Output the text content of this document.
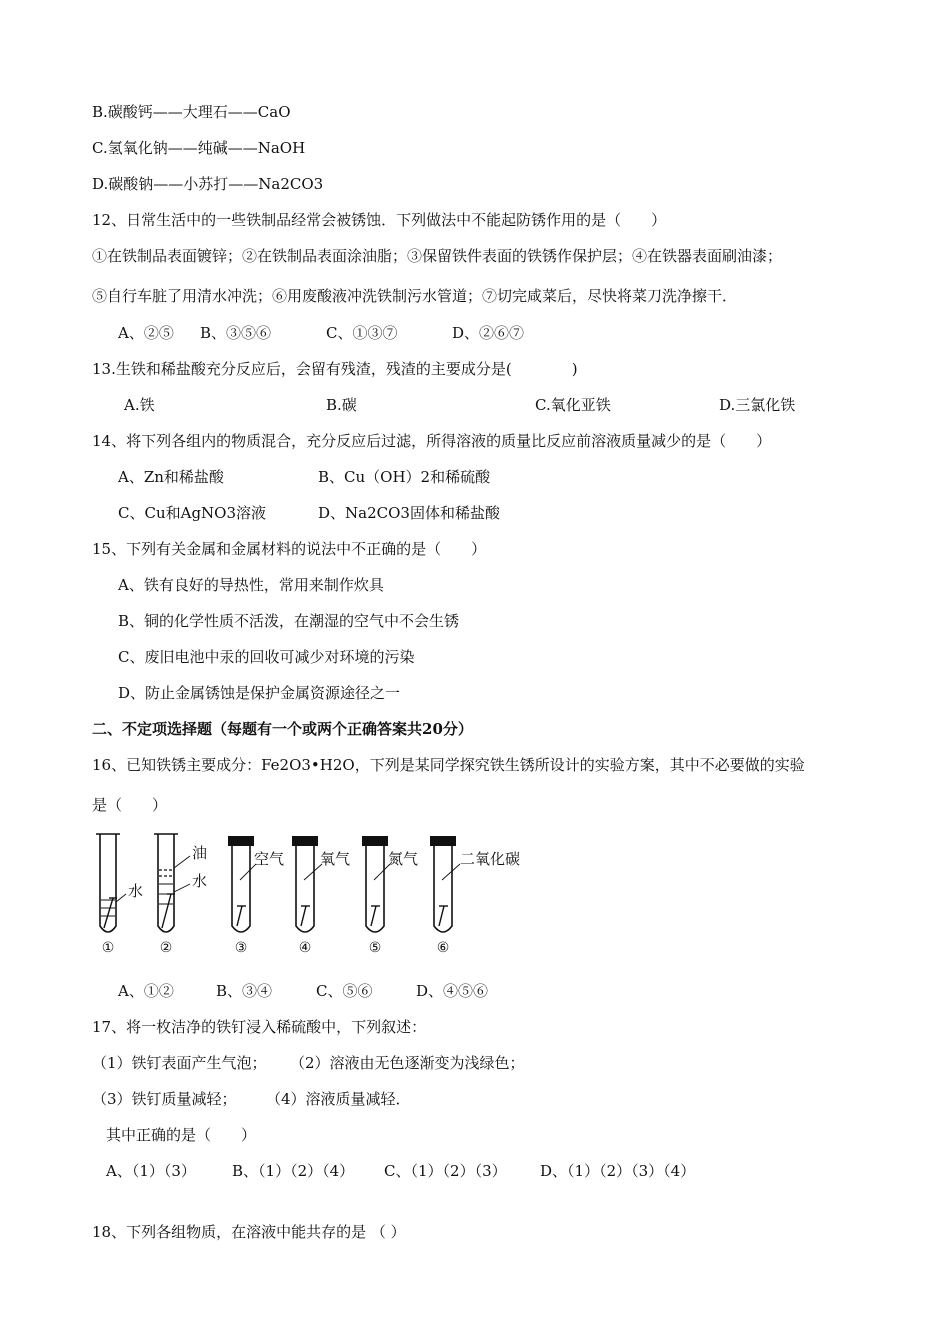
B.碳酸钙——大理石——CaO
C.氢氧化钠——纯碱——NaOH
D.碳酸钠——小苏打——Na2CO3
12、日常生活中的一些铁制品经常会被锈蚀．下列做法中不能起防锈作用的是（　　）
①在铁制品表面镀锌；②在铁制品表面涂油脂；③保留铁件表面的铁锈作保护层；④在铁器表面刷油漆；
⑤自行车脏了用清水冲洗；⑥用废酸液冲洗铁制污水管道；⑦切完咸菜后，尽快将菜刀洗净擦干．
A、②⑤ B、③⑤⑥	C、①③⑦	D、②⑥⑦
13.生铁和稀盐酸充分反应后，会留有残渣，残渣的主要成分是(　　　　)
A.铁	B.碳	C.氧化亚铁	D.三氯化铁
14、将下列各组内的物质混合，充分反应后过滤，所得溶液的质量比反应前溶液质量减少的是（　　）
A、Zn和稀盐酸	B、Cu（OH）2和稀硫酸
C、Cu和AgNO3溶液	D、Na2CO3固体和稀盐酸
15、下列有关金属和金属材料的说法中不正确的是（　　）
A、铁有良好的导热性，常用来制作炊具
B、铜的化学性质不活泼，在潮湿的空气中不会生锈
C、废旧电池中汞的回收可减少对环境的污染
D、防止金属锈蚀是保护金属资源途径之一
二、不定项选择题（每题有一个或两个正确答案共20分）
16、已知铁锈主要成分：Fe2O3•H2O，下列是某同学探究铁生锈所设计的实验方案，其中不必要做的实验
是（　　）
水
①
油
水
②
空气
③
氧气
④
氮气
⑤
二氧化碳
⑥
A、①②	B、③④	C、⑤⑥	D、④⑤⑥
17、将一枚洁净的铁钉浸入稀硫酸中，下列叙述：
（1）铁钉表面产生气泡； （2）溶液由无色逐渐变为浅绿色；
（3）铁钉质量减轻； （4）溶液质量减轻．
其中正确的是（　　）
A、（1）（3） B、（1）（2）（4） C、（1）（2）（3） D、（1）（2）（3）（4）
18、下列各组物质，在溶液中能共存的是 （ ）
